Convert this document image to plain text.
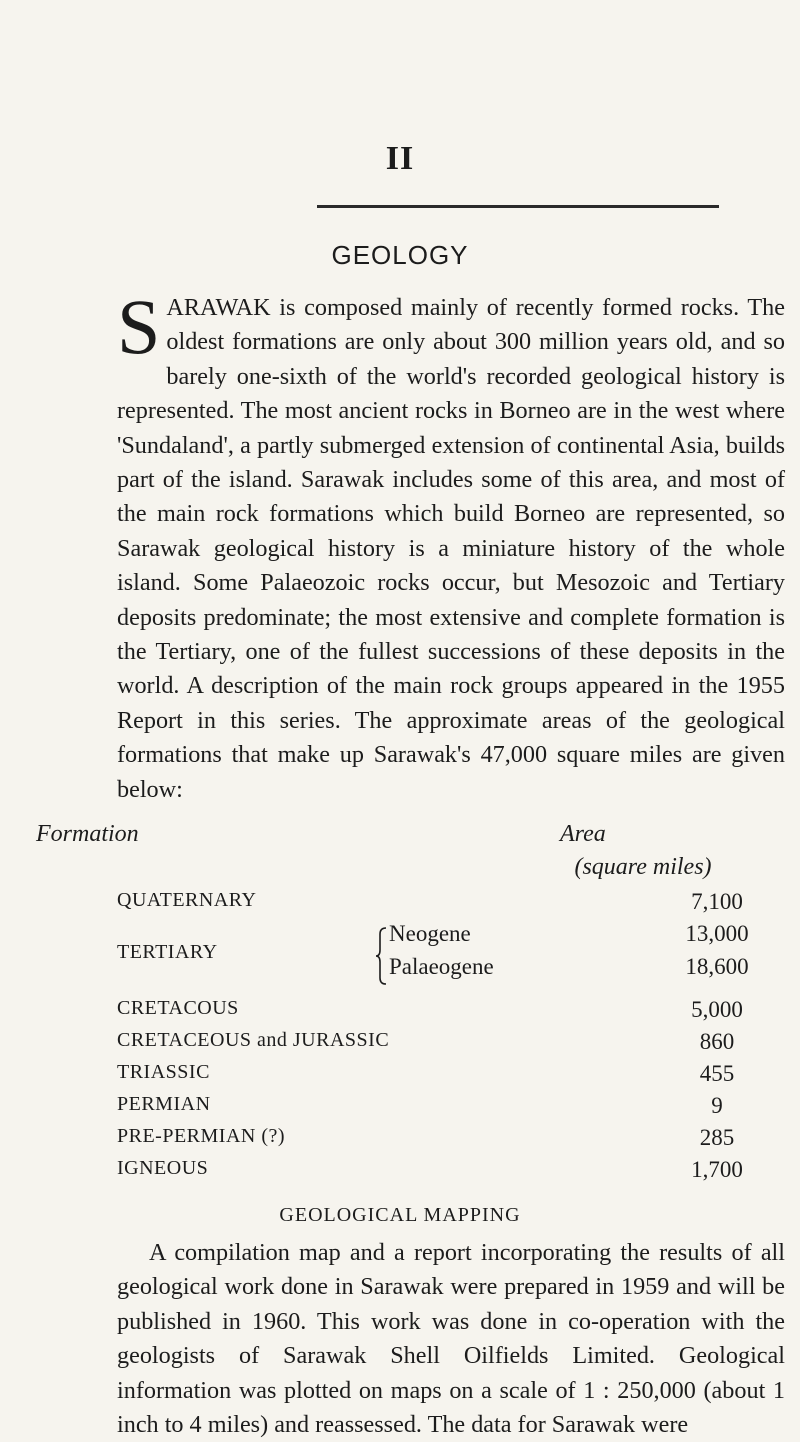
II
GEOLOGY
SARAWAK is composed mainly of recently formed rocks. The oldest formations are only about 300 million years old, and so barely one-sixth of the world's recorded geological history is represented. The most ancient rocks in Borneo are in the west where 'Sundaland', a partly submerged extension of continental Asia, builds part of the island. Sarawak includes some of this area, and most of the main rock formations which build Borneo are represented, so Sarawak geological history is a miniature history of the whole island. Some Palaeozoic rocks occur, but Mesozoic and Tertiary deposits predominate; the most extensive and complete formation is the Tertiary, one of the fullest successions of these deposits in the world. A description of the main rock groups appeared in the 1955 Report in this series. The approximate areas of the geological formations that make up Sarawak's 47,000 square miles are given below:
Formation	Area
(square miles)
QUATERNARY	7,100
TERTIARY
Neogene	13,000
Palaeogene	18,600
CRETACOUS	5,000
CRETACEOUS and JURASSIC	860
TRIASSIC	455
PERMIAN	9
PRE-PERMIAN (?)	285
IGNEOUS	1,700
GEOLOGICAL MAPPING
A compilation map and a report incorporating the results of all geological work done in Sarawak were prepared in 1959 and will be published in 1960. This work was done in co-operation with the geologists of Sarawak Shell Oilfields Limited. Geological information was plotted on maps on a scale of 1 : 250,000 (about 1 inch to 4 miles) and reassessed. The data for Sarawak were
